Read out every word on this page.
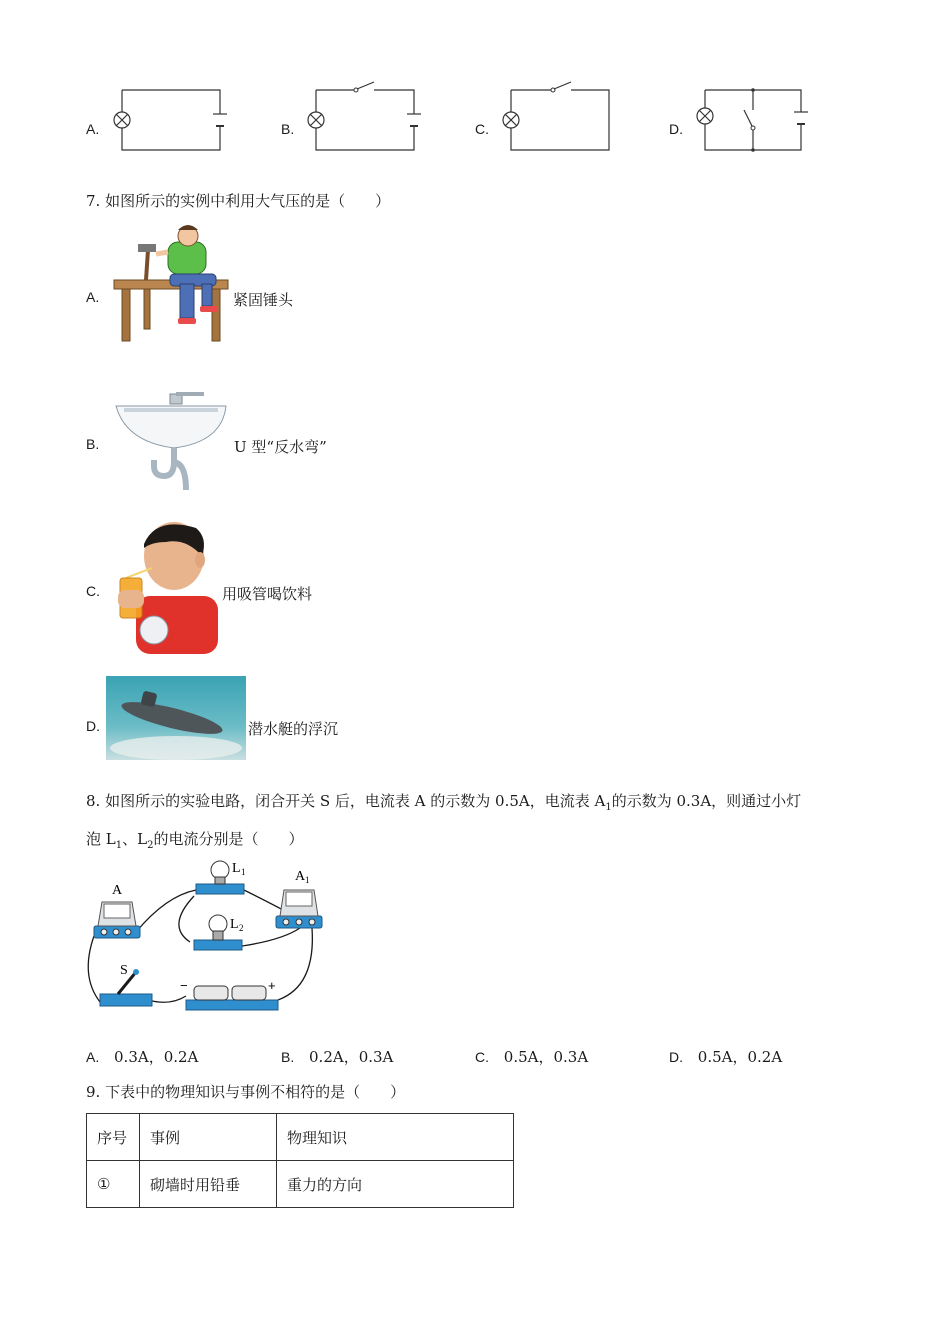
A.	B.	C.	D.
7. 如图所示的实例中利用大气压的是（　　）
A.	紧固锤头
B.	U 型“反水弯”
C.	用吸管喝饮料
D.	潜水艇的浮沉
8. 如图所示的实验电路，闭合开关 S 后，电流表 A 的示数为 0.5A，电流表 $A_1$的示数为 0.3A，则通过小灯
泡 $L_1$、$L_2$的电流分别是（　　）
A
A 1
L 1
L 2
S
−	+
A. 0.3A，0.2A	B. 0.2A，0.3A	C. 0.5A，0.3A	D. 0.5A，0.2A
9. 下表中的物理知识与事例不相符的是（　　）
序号	事例	物理知识
①	砌墙时用铅垂	重力的方向
